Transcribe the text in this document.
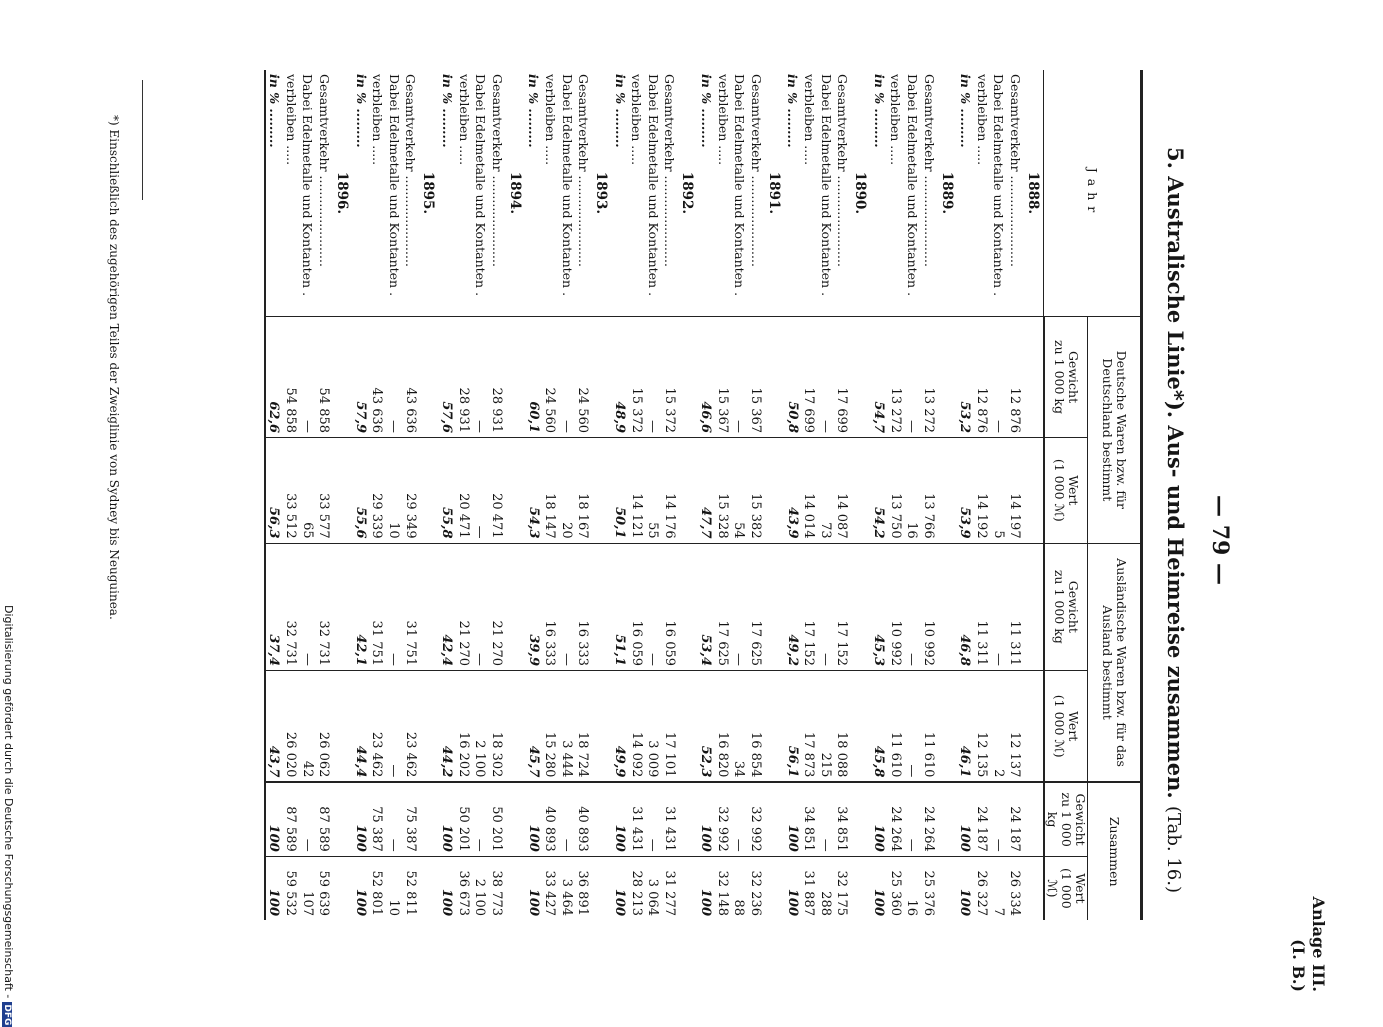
— 79 —
Anlage III.
(I. B.)
5. Australische Linie*). Aus- und Heimreise zusammen. (Tab. 16.)
Jahr	Deutsche Waren bzw. für Deutschland bestimmt		Ausländische Waren bzw. für das Ausland bestimmt		Zusammen	
	Gewicht
zu 1 000 kg	Wert
(1 000 ℳ)	Gewicht
zu 1 000 kg	Wert
(1 000 ℳ)	Gewicht
zu 1 000 kg	Wert
(1 000 ℳ)
1888.						
Gesamtverkehr .......................	12 876	14 197	11 311	12 137	24 187	26 334
Dabei Edelmetalle und Kontanten .	—	5	—	2	—	7
verbleiben .....	12 876	14 192	11 311	12 135	24 187	26 327
in % .........	53,2	53,9	46,8	46,1	100	100
1889.						
Gesamtverkehr .......................	13 272	13 766	10 992	11 610	24 264	25 376
Dabei Edelmetalle und Kontanten .	—	16	—	—	—	16
verbleiben .....	13 272	13 750	10 992	11 610	24 264	25 360
in % .........	54,7	54,2	45,3	45,8	100	100
1890.						
Gesamtverkehr .......................	17 699	14 087	17 152	18 088	34 851	32 175
Dabei Edelmetalle und Kontanten .	—	73	—	215	—	288
verbleiben .....	17 699	14 014	17 152	17 873	34 851	31 887
in % .........	50,8	43,9	49,2	56,1	100	100
1891.						
Gesamtverkehr .......................	15 367	15 382	17 625	16 854	32 992	32 236
Dabei Edelmetalle und Kontanten .	—	54	—	34	—	88
verbleiben .....	15 367	15 328	17 625	16 820	32 992	32 148
in % .........	46,6	47,7	53,4	52,3	100	100
1892.						
Gesamtverkehr .......................	15 372	14 176	16 059	17 101	31 431	31 277
Dabei Edelmetalle und Kontanten .	—	55	—	3 009	—	3 064
verbleiben .....	15 372	14 121	16 059	14 092	31 431	28 213
in % .........	48,9	50,1	51,1	49,9	100	100
1893.						
Gesamtverkehr .......................	24 560	18 167	16 333	18 724	40 893	36 891
Dabei Edelmetalle und Kontanten .	—	20	—	3 444	—	3 464
verbleiben .....	24 560	18 147	16 333	15 280	40 893	33 427
in % .........	60,1	54,3	39,9	45,7	100	100
1894.						
Gesamtverkehr .......................	28 931	20 471	21 270	18 302	50 201	38 773
Dabei Edelmetalle und Kontanten .	—	—	—	2 100	—	2 100
verbleiben .....	28 931	20 471	21 270	16 202	50 201	36 673
in % .........	57,6	55,8	42,4	44,2	100	100
1895.						
Gesamtverkehr .......................	43 636	29 349	31 751	23 462	75 387	52 811
Dabei Edelmetalle und Kontanten .	—	10	—	—	—	10
verbleiben .....	43 636	29 339	31 751	23 462	75 387	52 801
in % .........	57,9	55,6	42,1	44,4	100	100
1896.						
Gesamtverkehr .......................	54 858	33 577	32 731	26 062	87 589	59 639
Dabei Edelmetalle und Kontanten .	—	65	—	42	—	107
verbleiben .....	54 858	33 512	32 731	26 020	87 589	59 532
in % .........	62,6	56,3	37,4	43,7	100	100
*) Einschließlich des zugehörigen Teiles der Zweiglinie von Sydney bis Neuguinea.
Digitalisierung gefördert durch die Deutsche Forschungsgemeinschaft -DFG
